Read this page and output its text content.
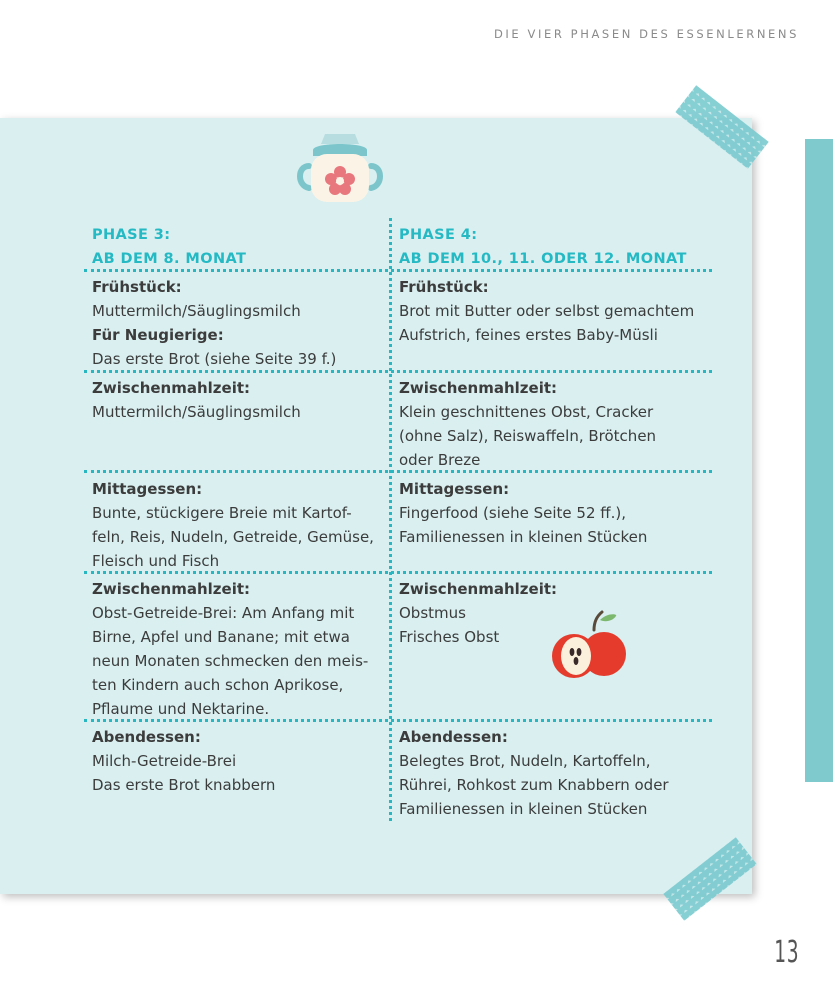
DIE VIER PHASEN DES ESSENLERNENS
PHASE 3:
AB DEM 8. MONAT
PHASE 4:
AB DEM 10., 11. ODER 12. MONAT
Frühstück:
Muttermilch/Säuglingsmilch
Für Neugierige:
Das erste Brot (siehe Seite 39 f.)
Frühstück:
Brot mit Butter oder selbst gemachtem
Aufstrich, feines erstes Baby-Müsli
Zwischenmahlzeit:
Muttermilch/Säuglingsmilch
Zwischenmahlzeit:
Klein geschnittenes Obst, Cracker
(ohne Salz), Reiswaffeln, Brötchen
oder Breze
Mittagessen:
Bunte, stückigere Breie mit Kartof-
feln, Reis, Nudeln, Getreide, Gemüse,
Fleisch und Fisch
Mittagessen:
Fingerfood (siehe Seite 52 ff.),
Familienessen in kleinen Stücken
Zwischenmahlzeit:
Obst-Getreide-Brei: Am Anfang mit
Birne, Apfel und Banane; mit etwa
neun Monaten schmecken den meis-
ten Kindern auch schon Aprikose,
Pflaume und Nektarine.
Zwischenmahlzeit:
Obstmus
Frisches Obst
Abendessen:
Milch-Getreide-Brei
Das erste Brot knabbern
Abendessen:
Belegtes Brot, Nudeln, Kartoffeln,
Rührei, Rohkost zum Knabbern oder
Familienessen in kleinen Stücken
13
